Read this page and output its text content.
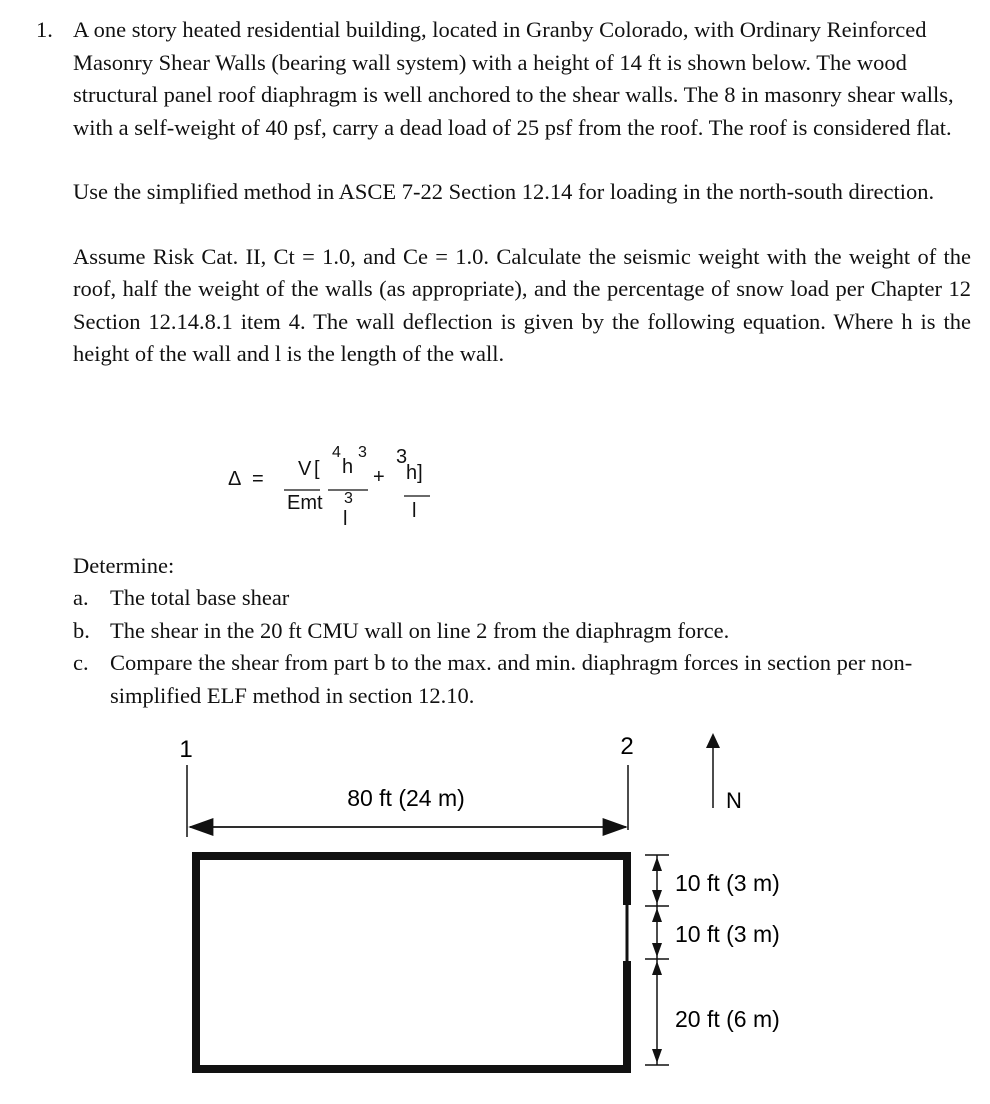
1. A one story heated residential building, located in Granby Colorado, with Ordinary Reinforced Masonry Shear Walls (bearing wall system) with a height of 14 ft is shown below. The wood structural panel roof diaphragm is well anchored to the shear walls. The 8 in masonry shear walls, with a self-weight of 40 psf, carry a dead load of 25 psf from the roof. The roof is considered flat.

Use the simplified method in ASCE 7-22 Section 12.14 for loading in the north-south direction.

Assume Risk Cat. II, Ct = 1.0, and Ce = 1.0. Calculate the seismic weight with the weight of the roof, half the weight of the walls (as appropriate), and the percentage of snow load per Chapter 12 Section 12.14.8.1 item 4. The wall deflection is given by the following equation. Where h is the height of the wall and l is the length of the wall.

Δ = V
Emt
[
4
h
3
+
3
3
l
h]
l
Determine:
a. The total base shear
b. The shear in the 20 ft CMU wall on line 2 from the diaphragm force.
c. Compare the shear from part b to the max. and min. diaphragm forces in section per non-simplified ELF method in section 12.10.
1	2
80 ft (24 m)	N
10 ft (3 m)
10 ft (3 m)
20 ft (6 m)
